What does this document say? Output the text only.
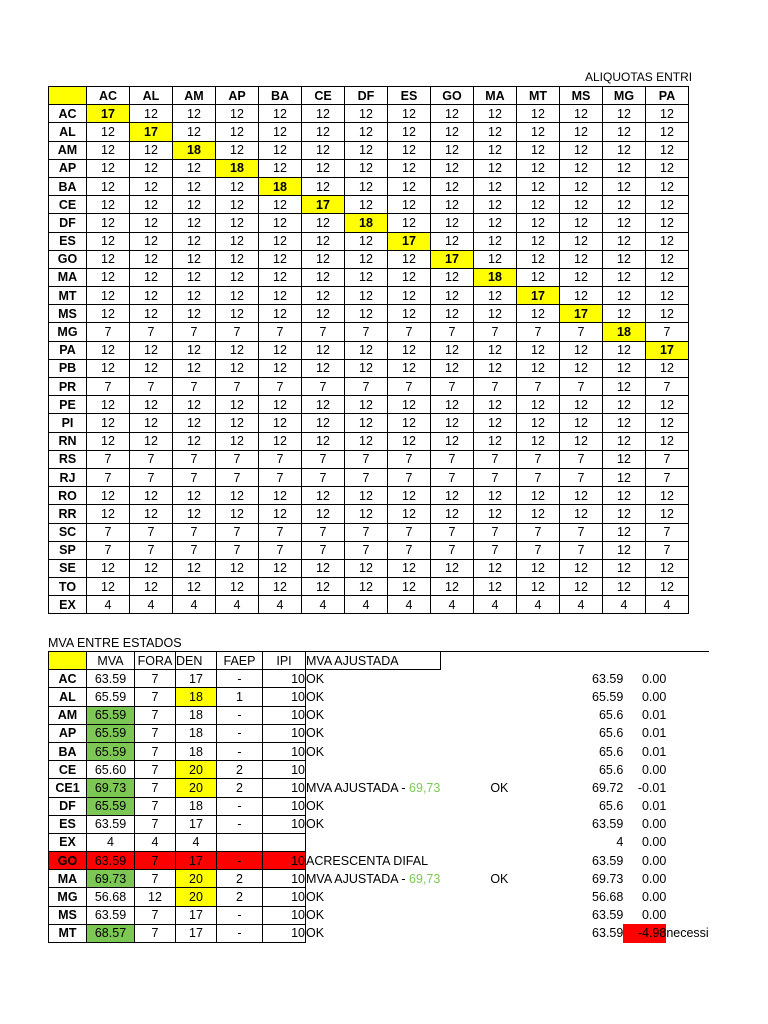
ALIQUOTAS ENTRI
	AC	AL	AM	AP	BA	CE	DF	ES	GO	MA	MT	MS	MG	PA
AC	17	12	12	12	12	12	12	12	12	12	12	12	12	12
AL	12	17	12	12	12	12	12	12	12	12	12	12	12	12
AM	12	12	18	12	12	12	12	12	12	12	12	12	12	12
AP	12	12	12	18	12	12	12	12	12	12	12	12	12	12
BA	12	12	12	12	18	12	12	12	12	12	12	12	12	12
CE	12	12	12	12	12	17	12	12	12	12	12	12	12	12
DF	12	12	12	12	12	12	18	12	12	12	12	12	12	12
ES	12	12	12	12	12	12	12	17	12	12	12	12	12	12
GO	12	12	12	12	12	12	12	12	17	12	12	12	12	12
MA	12	12	12	12	12	12	12	12	12	18	12	12	12	12
MT	12	12	12	12	12	12	12	12	12	12	17	12	12	12
MS	12	12	12	12	12	12	12	12	12	12	12	17	12	12
MG	7	7	7	7	7	7	7	7	7	7	7	7	18	7
PA	12	12	12	12	12	12	12	12	12	12	12	12	12	17
PB	12	12	12	12	12	12	12	12	12	12	12	12	12	12
PR	7	7	7	7	7	7	7	7	7	7	7	7	12	7
PE	12	12	12	12	12	12	12	12	12	12	12	12	12	12
PI	12	12	12	12	12	12	12	12	12	12	12	12	12	12
RN	12	12	12	12	12	12	12	12	12	12	12	12	12	12
RS	7	7	7	7	7	7	7	7	7	7	7	7	12	7
RJ	7	7	7	7	7	7	7	7	7	7	7	7	12	7
RO	12	12	12	12	12	12	12	12	12	12	12	12	12	12
RR	12	12	12	12	12	12	12	12	12	12	12	12	12	12
SC	7	7	7	7	7	7	7	7	7	7	7	7	12	7
SP	7	7	7	7	7	7	7	7	7	7	7	7	12	7
SE	12	12	12	12	12	12	12	12	12	12	12	12	12	12
TO	12	12	12	12	12	12	12	12	12	12	12	12	12	12
EX	4	4	4	4	4	4	4	4	4	4	4	4	4	4
MVA ENTRE ESTADOS
	MVA	FORA	DEN	FAEP	IPI	MVA AJUSTADA				
AC	63.59	7	17	-	10	OK		63.59	0.00	
AL	65.59	7	18	1	10	OK		65.59	0.00	
AM	65.59	7	18	-	10	OK		65.6	0.01	
AP	65.59	7	18	-	10	OK		65.6	0.01	
BA	65.59	7	18	-	10	OK		65.6	0.01	
CE	65.60	7	20	2	10			65.6	0.00	
CE1	69.73	7	20	2	10	MVA AJUSTADA - 69,73	OK	69.72	-0.01	
DF	65.59	7	18	-	10	OK		65.6	0.01	
ES	63.59	7	17	-	10	OK		63.59	0.00	
EX	4	4	4					4	0.00	
GO	63.59	7	17	-	10	ACRESCENTA DIFAL		63.59	0.00	
MA	69.73	7	20	2	10	MVA AJUSTADA - 69,73	OK	69.73	0.00	
MG	56.68	12	20	2	10	OK		56.68	0.00	
MS	63.59	7	17	-	10	OK		63.59	0.00	
MT	68.57	7	17	-	10	OK		63.59	-4.98	necessi
